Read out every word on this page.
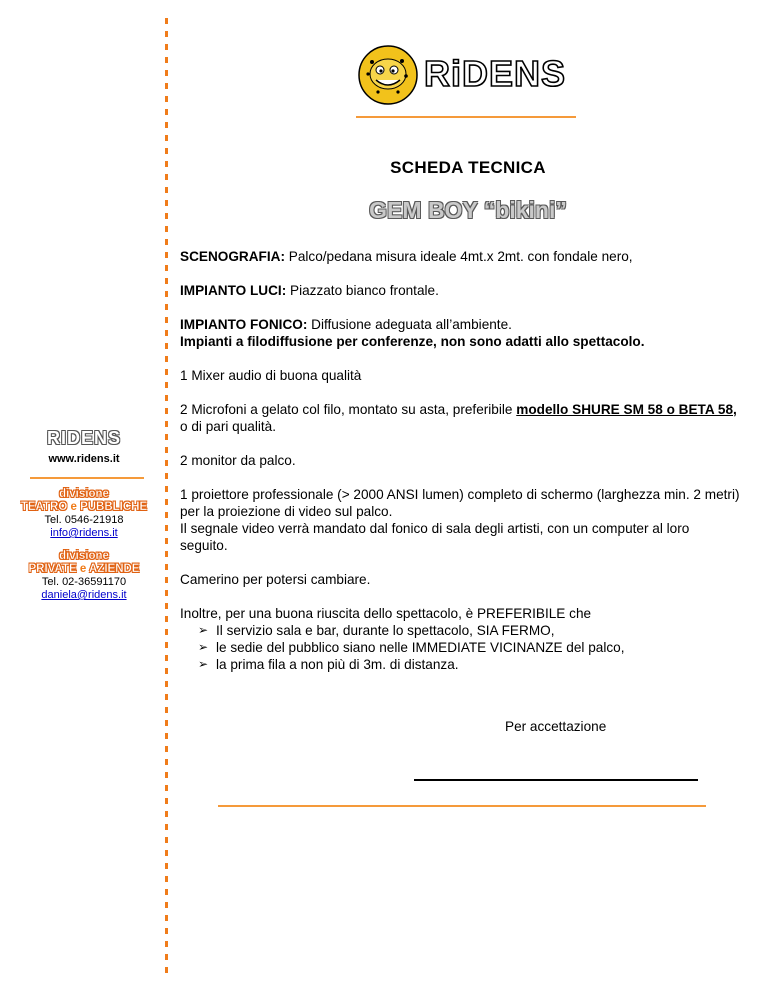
RiDENS
SCHEDA TECNICA
GEM BOY “bikini”

SCENOGRAFIA: Palco/pedana misura ideale 4mt.x 2mt. con fondale nero,

IMPIANTO LUCI: Piazzato bianco frontale.

IMPIANTO FONICO: Diffusione adeguata all’ambiente.
Impianti a filodiffusione per conferenze, non sono adatti allo spettacolo.

1 Mixer audio di buona qualità

2 Microfoni a gelato col filo, montato su asta, preferibile modello SHURE SM 58 o BETA 58, o di pari qualità.

2 monitor da palco.

1 proiettore professionale (> 2000 ANSI lumen) completo di schermo (larghezza min. 2 metri) per la proiezione di video sul palco.
Il segnale video verrà mandato dal fonico di sala degli artisti, con un computer al loro seguito.

Camerino per potersi cambiare.

Inoltre, per una buona riuscita dello spettacolo, è PREFERIBILE che

➢ Il servizio sala e bar, durante lo spettacolo, SIA FERMO,
➢ le sedie del pubblico siano nelle IMMEDIATE VICINANZE del palco,
➢ la prima fila a non più di 3m. di distanza.
Per accettazione
RIDENS
www.ridens.it
divisione
TEATRO e PUBBLICHE
Tel. 0546-21918
info@ridens.it
divisione
PRIVATE e AZIENDE
Tel. 02-36591170
daniela@ridens.it
